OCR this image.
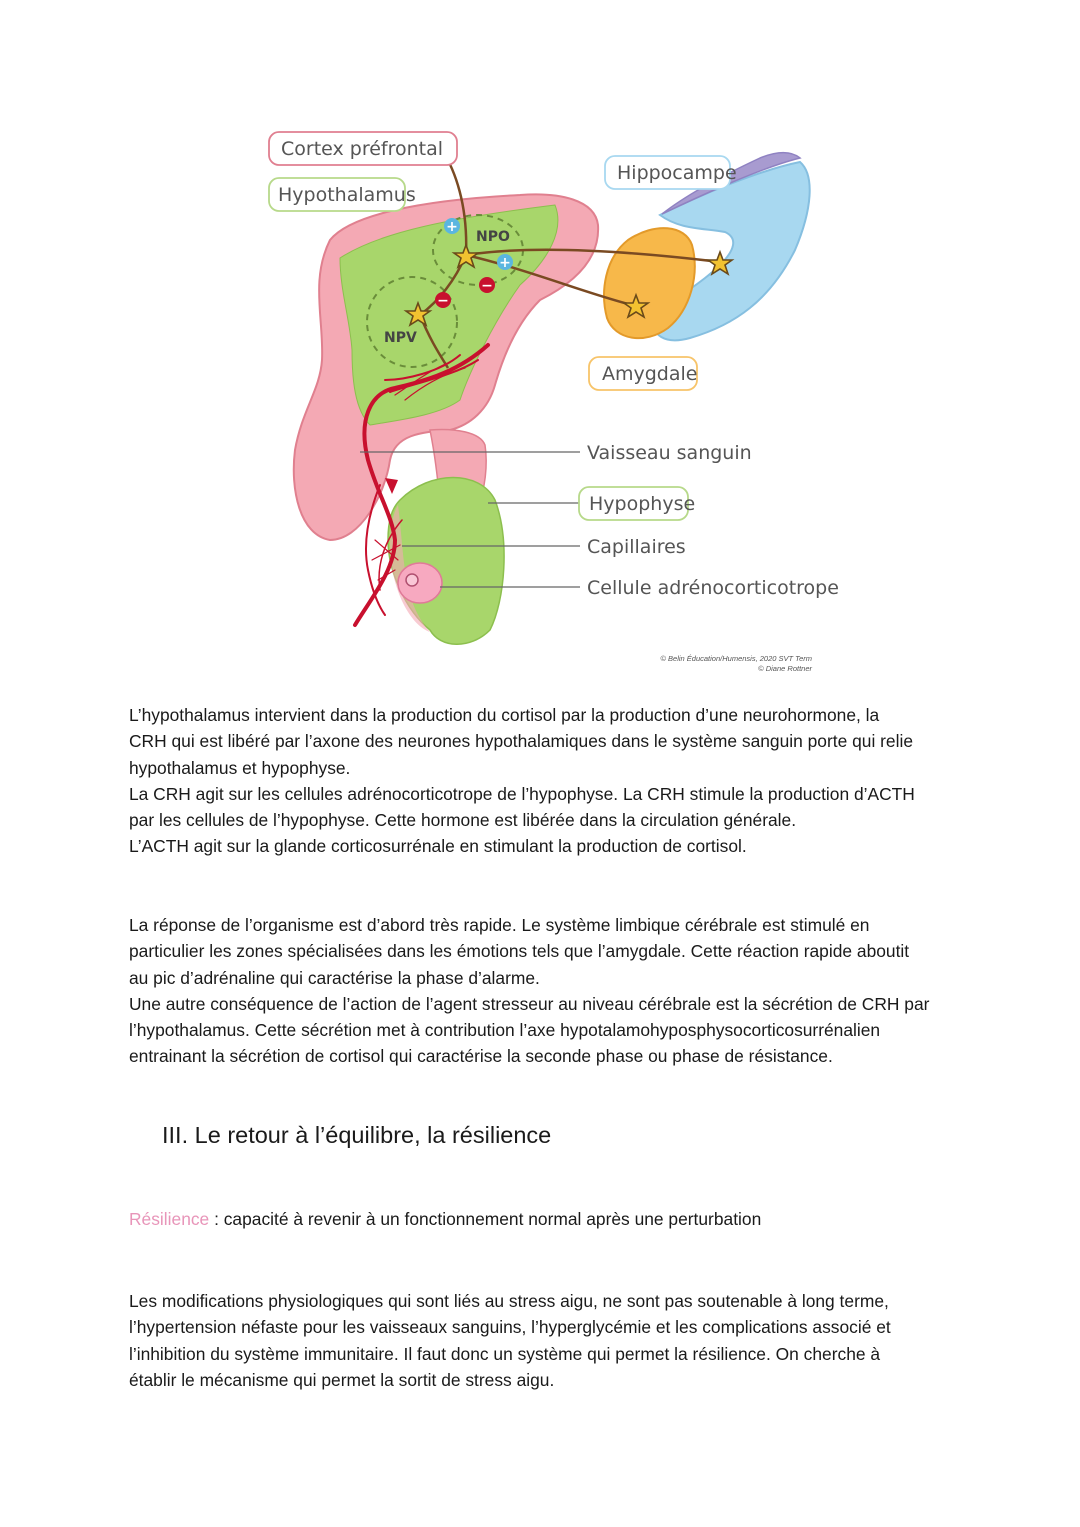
+
+
−
−
NPO
NPV
Cortex préfrontal
Hypothalamus
Hippocampe
Amygdale
Vaisseau sanguin
Hypophyse
Capillaires
Cellule adrénocorticotrope
© Belin Éducation/Humensis, 2020 SVT Term
© Diane Rottner

L’hypothalamus intervient dans la production du cortisol par la production d’une neurohormone, la
CRH qui est libéré par l’axone des neurones hypothalamiques dans le système sanguin porte qui relie
hypothalamus et hypophyse.
La CRH agit sur les cellules adrénocorticotrope de l’hypophyse. La CRH stimule la production d’ACTH
par les cellules de l’hypophyse. Cette hormone est libérée dans la circulation générale.
L’ACTH agit sur la glande corticosurrénale en stimulant la production de cortisol.

La réponse de l’organisme est d’abord très rapide. Le système limbique cérébrale est stimulé en
particulier les zones spécialisées dans les émotions tels que l’amygdale. Cette réaction rapide aboutit
au pic d’adrénaline qui caractérise la phase d’alarme.
Une autre conséquence de l’action de l’agent stresseur au niveau cérébrale est la sécrétion de CRH par
l’hypothalamus. Cette sécrétion met à contribution l’axe hypotalamohyposphysocorticosurrénalien
entrainant la sécrétion de cortisol qui caractérise la seconde phase ou phase de résistance.

III. Le retour à l’équilibre, la résilience

Résilience : capacité à revenir à un fonctionnement normal après une perturbation

Les modifications physiologiques qui sont liés au stress aigu, ne sont pas soutenable à long terme,
l’hypertension néfaste pour les vaisseaux sanguins, l’hyperglycémie et les complications associé et
l’inhibition du système immunitaire. Il faut donc un système qui permet la résilience. On cherche à
établir le mécanisme qui permet la sortit de stress aigu.
